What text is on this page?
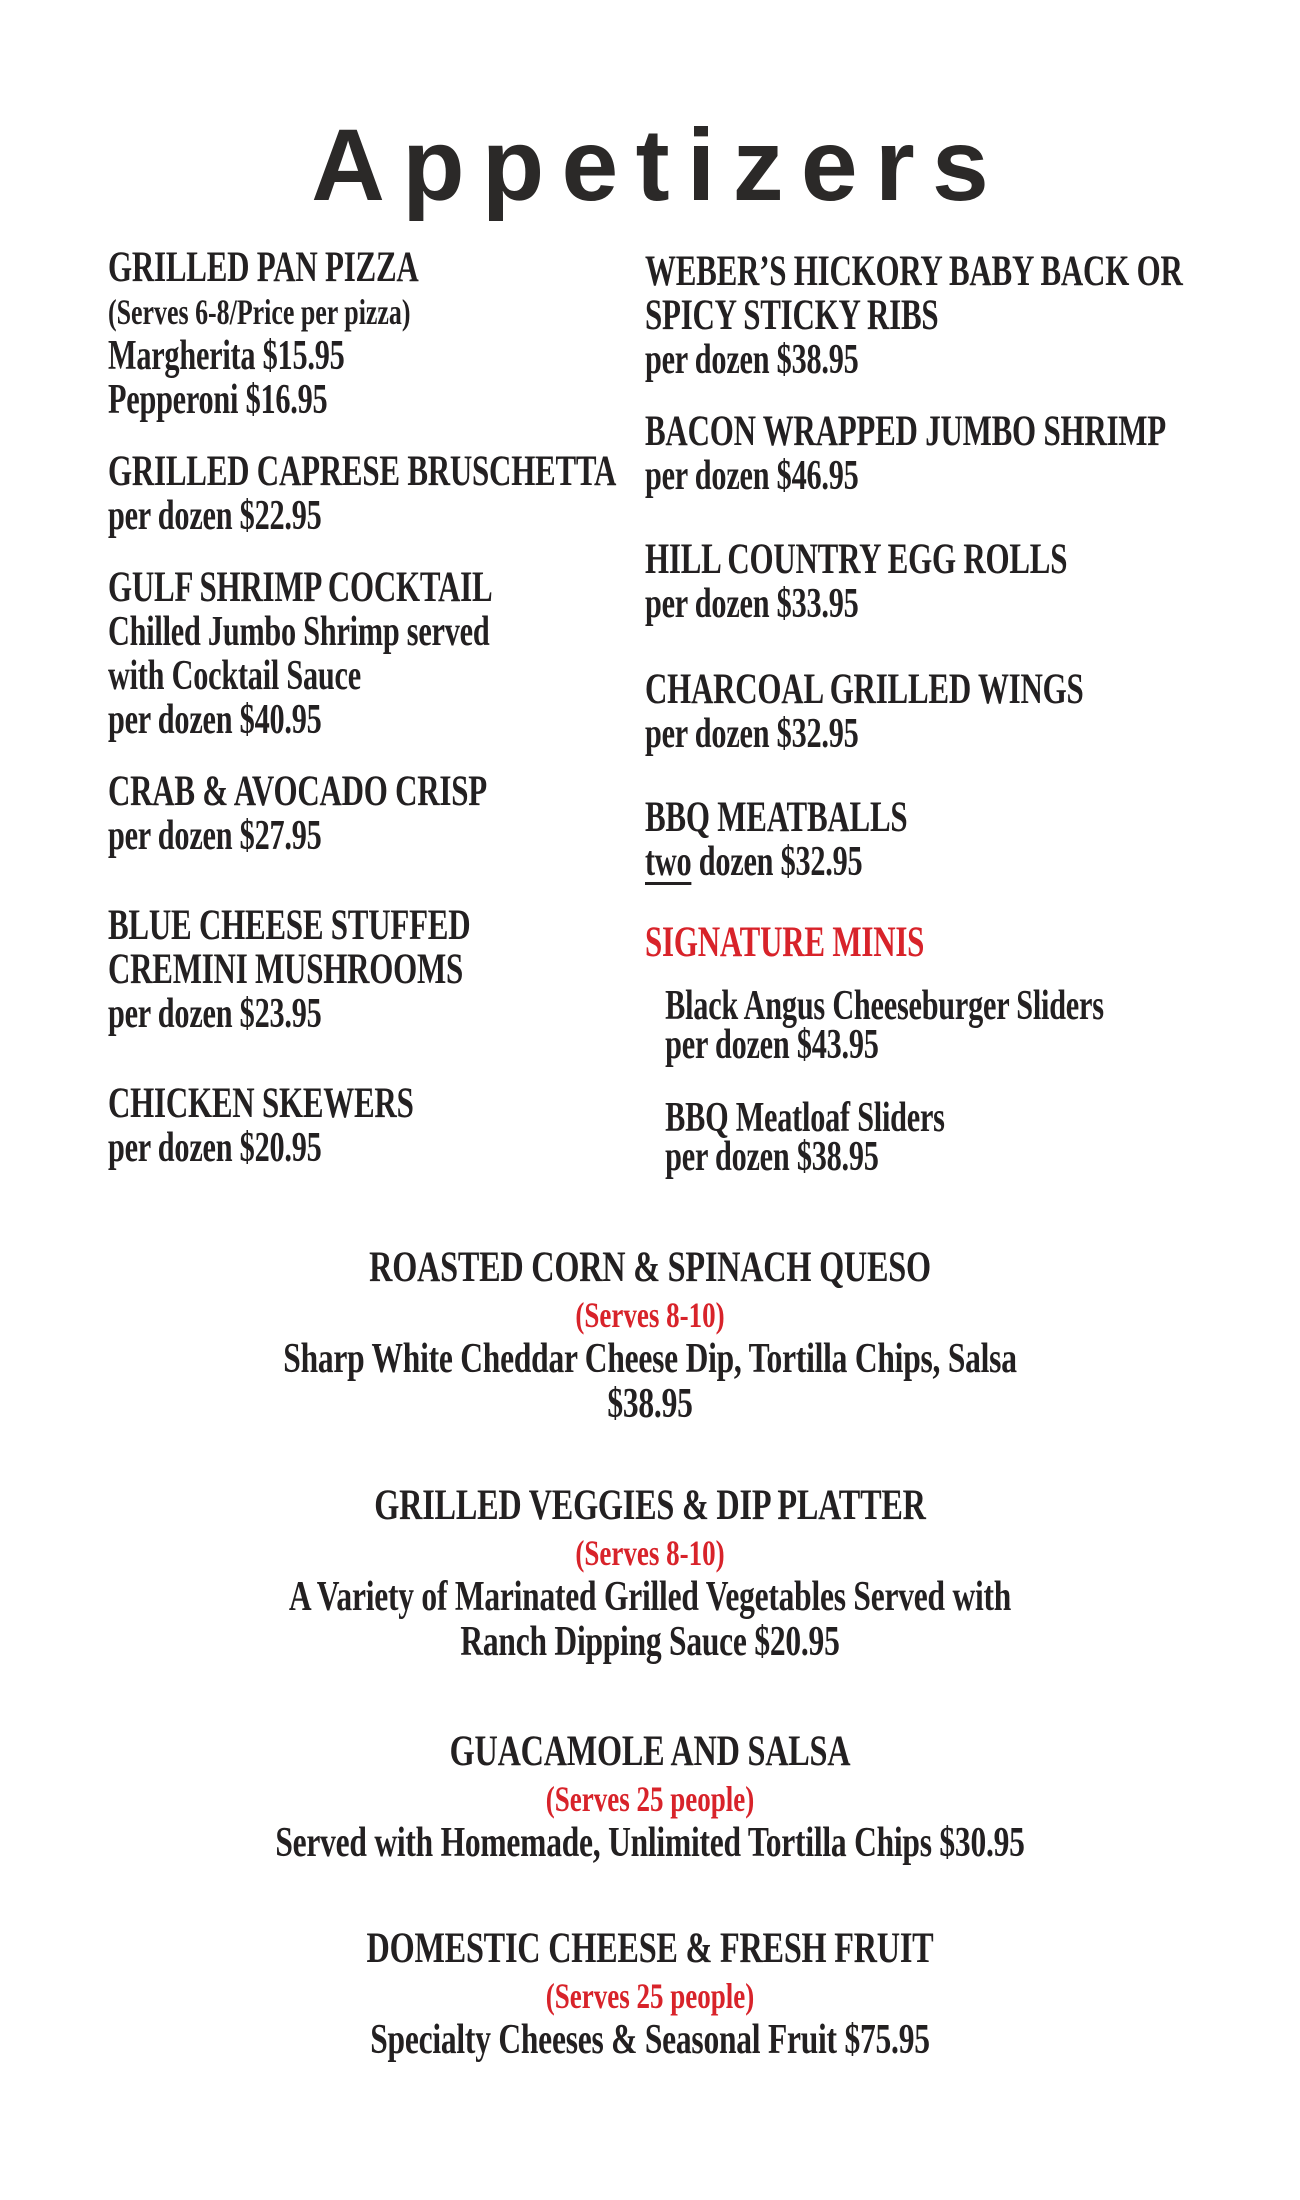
Appetizers
GRILLED PAN PIZZA
(Serves 6-8/Price per pizza)
Margherita $15.95
Pepperoni $16.95
GRILLED CAPRESE BRUSCHETTA
per dozen $22.95
GULF SHRIMP COCKTAIL
Chilled Jumbo Shrimp served
with Cocktail Sauce
per dozen $40.95
CRAB & AVOCADO CRISP
per dozen $27.95
BLUE CHEESE STUFFED
CREMINI MUSHROOMS
per dozen $23.95
CHICKEN SKEWERS
per dozen $20.95
WEBER’S HICKORY BABY BACK OR
SPICY STICKY RIBS
per dozen $38.95
BACON WRAPPED JUMBO SHRIMP
per dozen $46.95
HILL COUNTRY EGG ROLLS
per dozen $33.95
CHARCOAL GRILLED WINGS
per dozen $32.95
BBQ MEATBALLS
two dozen $32.95
SIGNATURE MINIS
Black Angus Cheeseburger Sliders
per dozen $43.95
BBQ Meatloaf Sliders
per dozen $38.95
ROASTED CORN & SPINACH QUESO
(Serves 8-10)
Sharp White Cheddar Cheese Dip, Tortilla Chips, Salsa
$38.95
GRILLED VEGGIES & DIP PLATTER
(Serves 8-10)
A Variety of Marinated Grilled Vegetables Served with
Ranch Dipping Sauce $20.95
GUACAMOLE AND SALSA
(Serves 25 people)
Served with Homemade, Unlimited Tortilla Chips $30.95
DOMESTIC CHEESE & FRESH FRUIT
(Serves 25 people)
Specialty Cheeses & Seasonal Fruit $75.95
